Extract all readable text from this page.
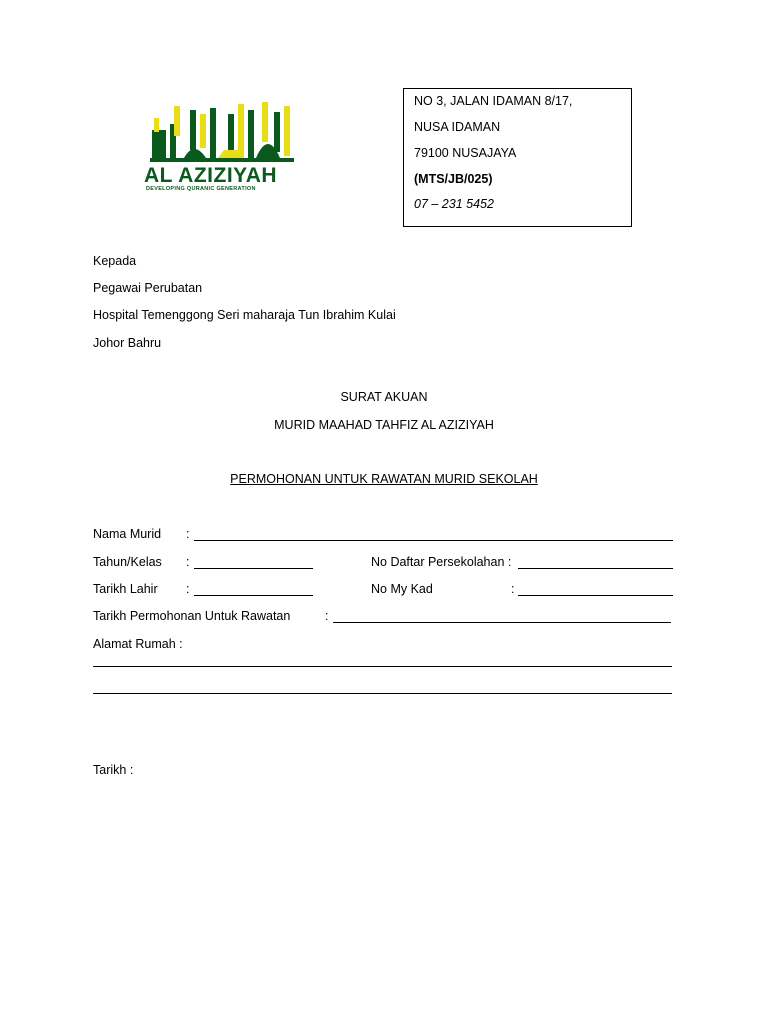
AL AZIZIYAH
DEVELOPING QURANIC GENERATION
NO 3, JALAN IDAMAN 8/17,
NUSA IDAMAN
79100 NUSAJAYA
(MTS/JB/025)
07 – 231 5452
Kepada
Pegawai Perubatan
Hospital Temenggong Seri maharaja Tun Ibrahim Kulai
Johor Bahru
SURAT AKUAN
MURID MAAHAD TAHFIZ AL AZIZIYAH
PERMOHONAN UNTUK RAWATAN MURID SEKOLAH
Nama Murid :
Tahun/Kelas :	No Daftar Persekolahan :
Tarikh Lahir :	No My Kad	:
Tarikh Permohonan Untuk Rawatan	:
Alamat Rumah :
Tarikh :
